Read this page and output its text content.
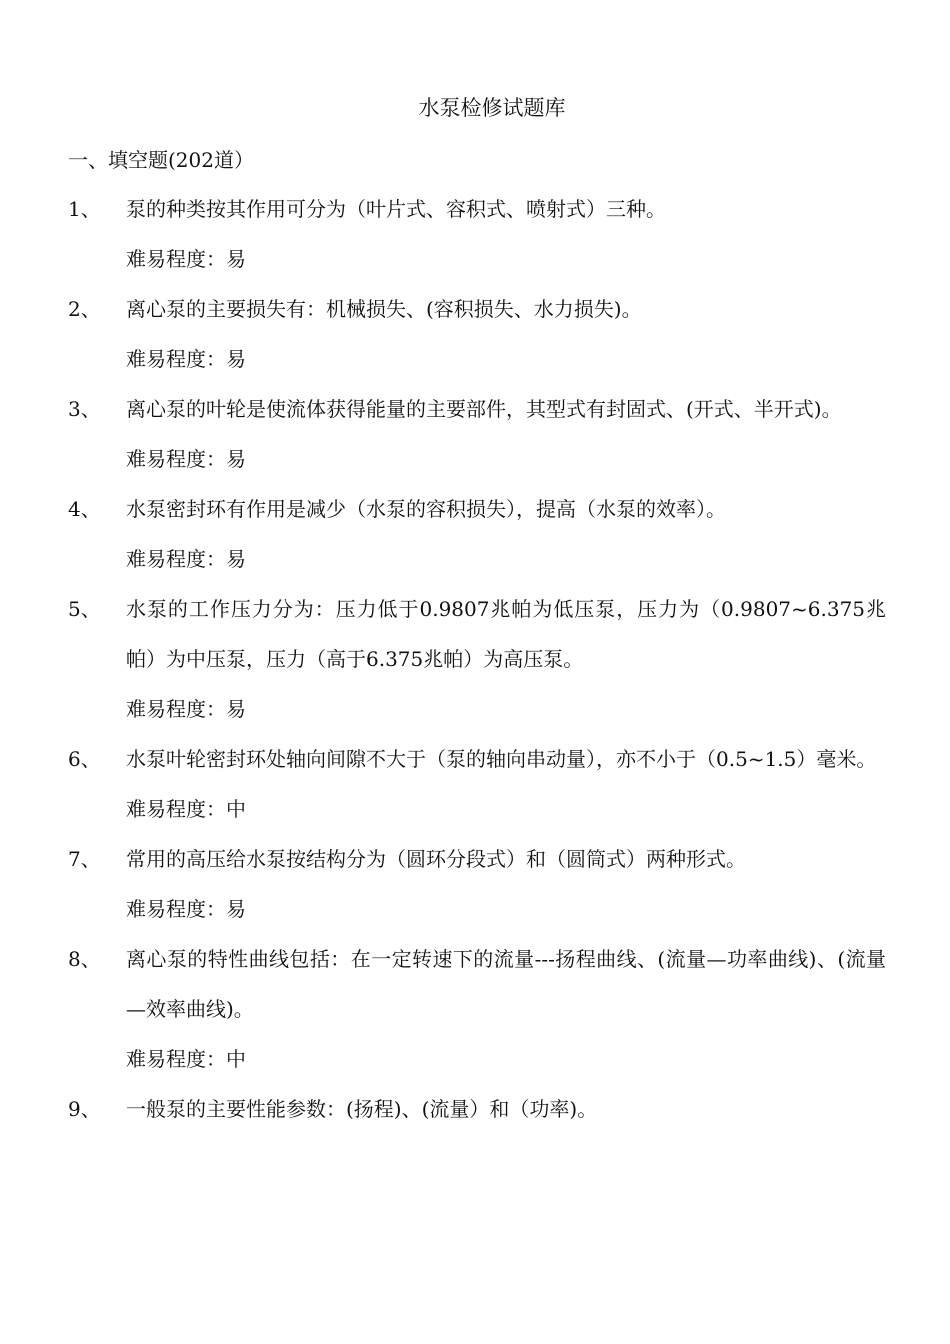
水泵检修试题库
一、填空题(202道）
1、	泵的种类按其作用可分为（叶片式、容积式、喷射式）三种。
难易程度：易
2、	离心泵的主要损失有：机械损失、(容积损失、水力损失)。
难易程度：易
3、	离心泵的叶轮是使流体获得能量的主要部件，其型式有封固式、(开式、半开式)。
难易程度：易
4、	水泵密封环有作用是减少（水泵的容积损失），提高（水泵的效率）。
难易程度：易
5、	水泵的工作压力分为：压力低于0.9807兆帕为低压泵，压力为（0.9807~6.375兆帕）为中压泵，压力（高于6.375兆帕）为高压泵。
难易程度：易
6、	水泵叶轮密封环处轴向间隙不大于（泵的轴向串动量），亦不小于（0.5~1.5）毫米。
难易程度：中
7、	常用的高压给水泵按结构分为（圆环分段式）和（圆筒式）两种形式。
难易程度：易
8、	离心泵的特性曲线包括：在一定转速下的流量---扬程曲线、(流量—功率曲线)、(流量—效率曲线)。
难易程度：中
9、	一般泵的主要性能参数：(扬程)、(流量）和（功率)。
